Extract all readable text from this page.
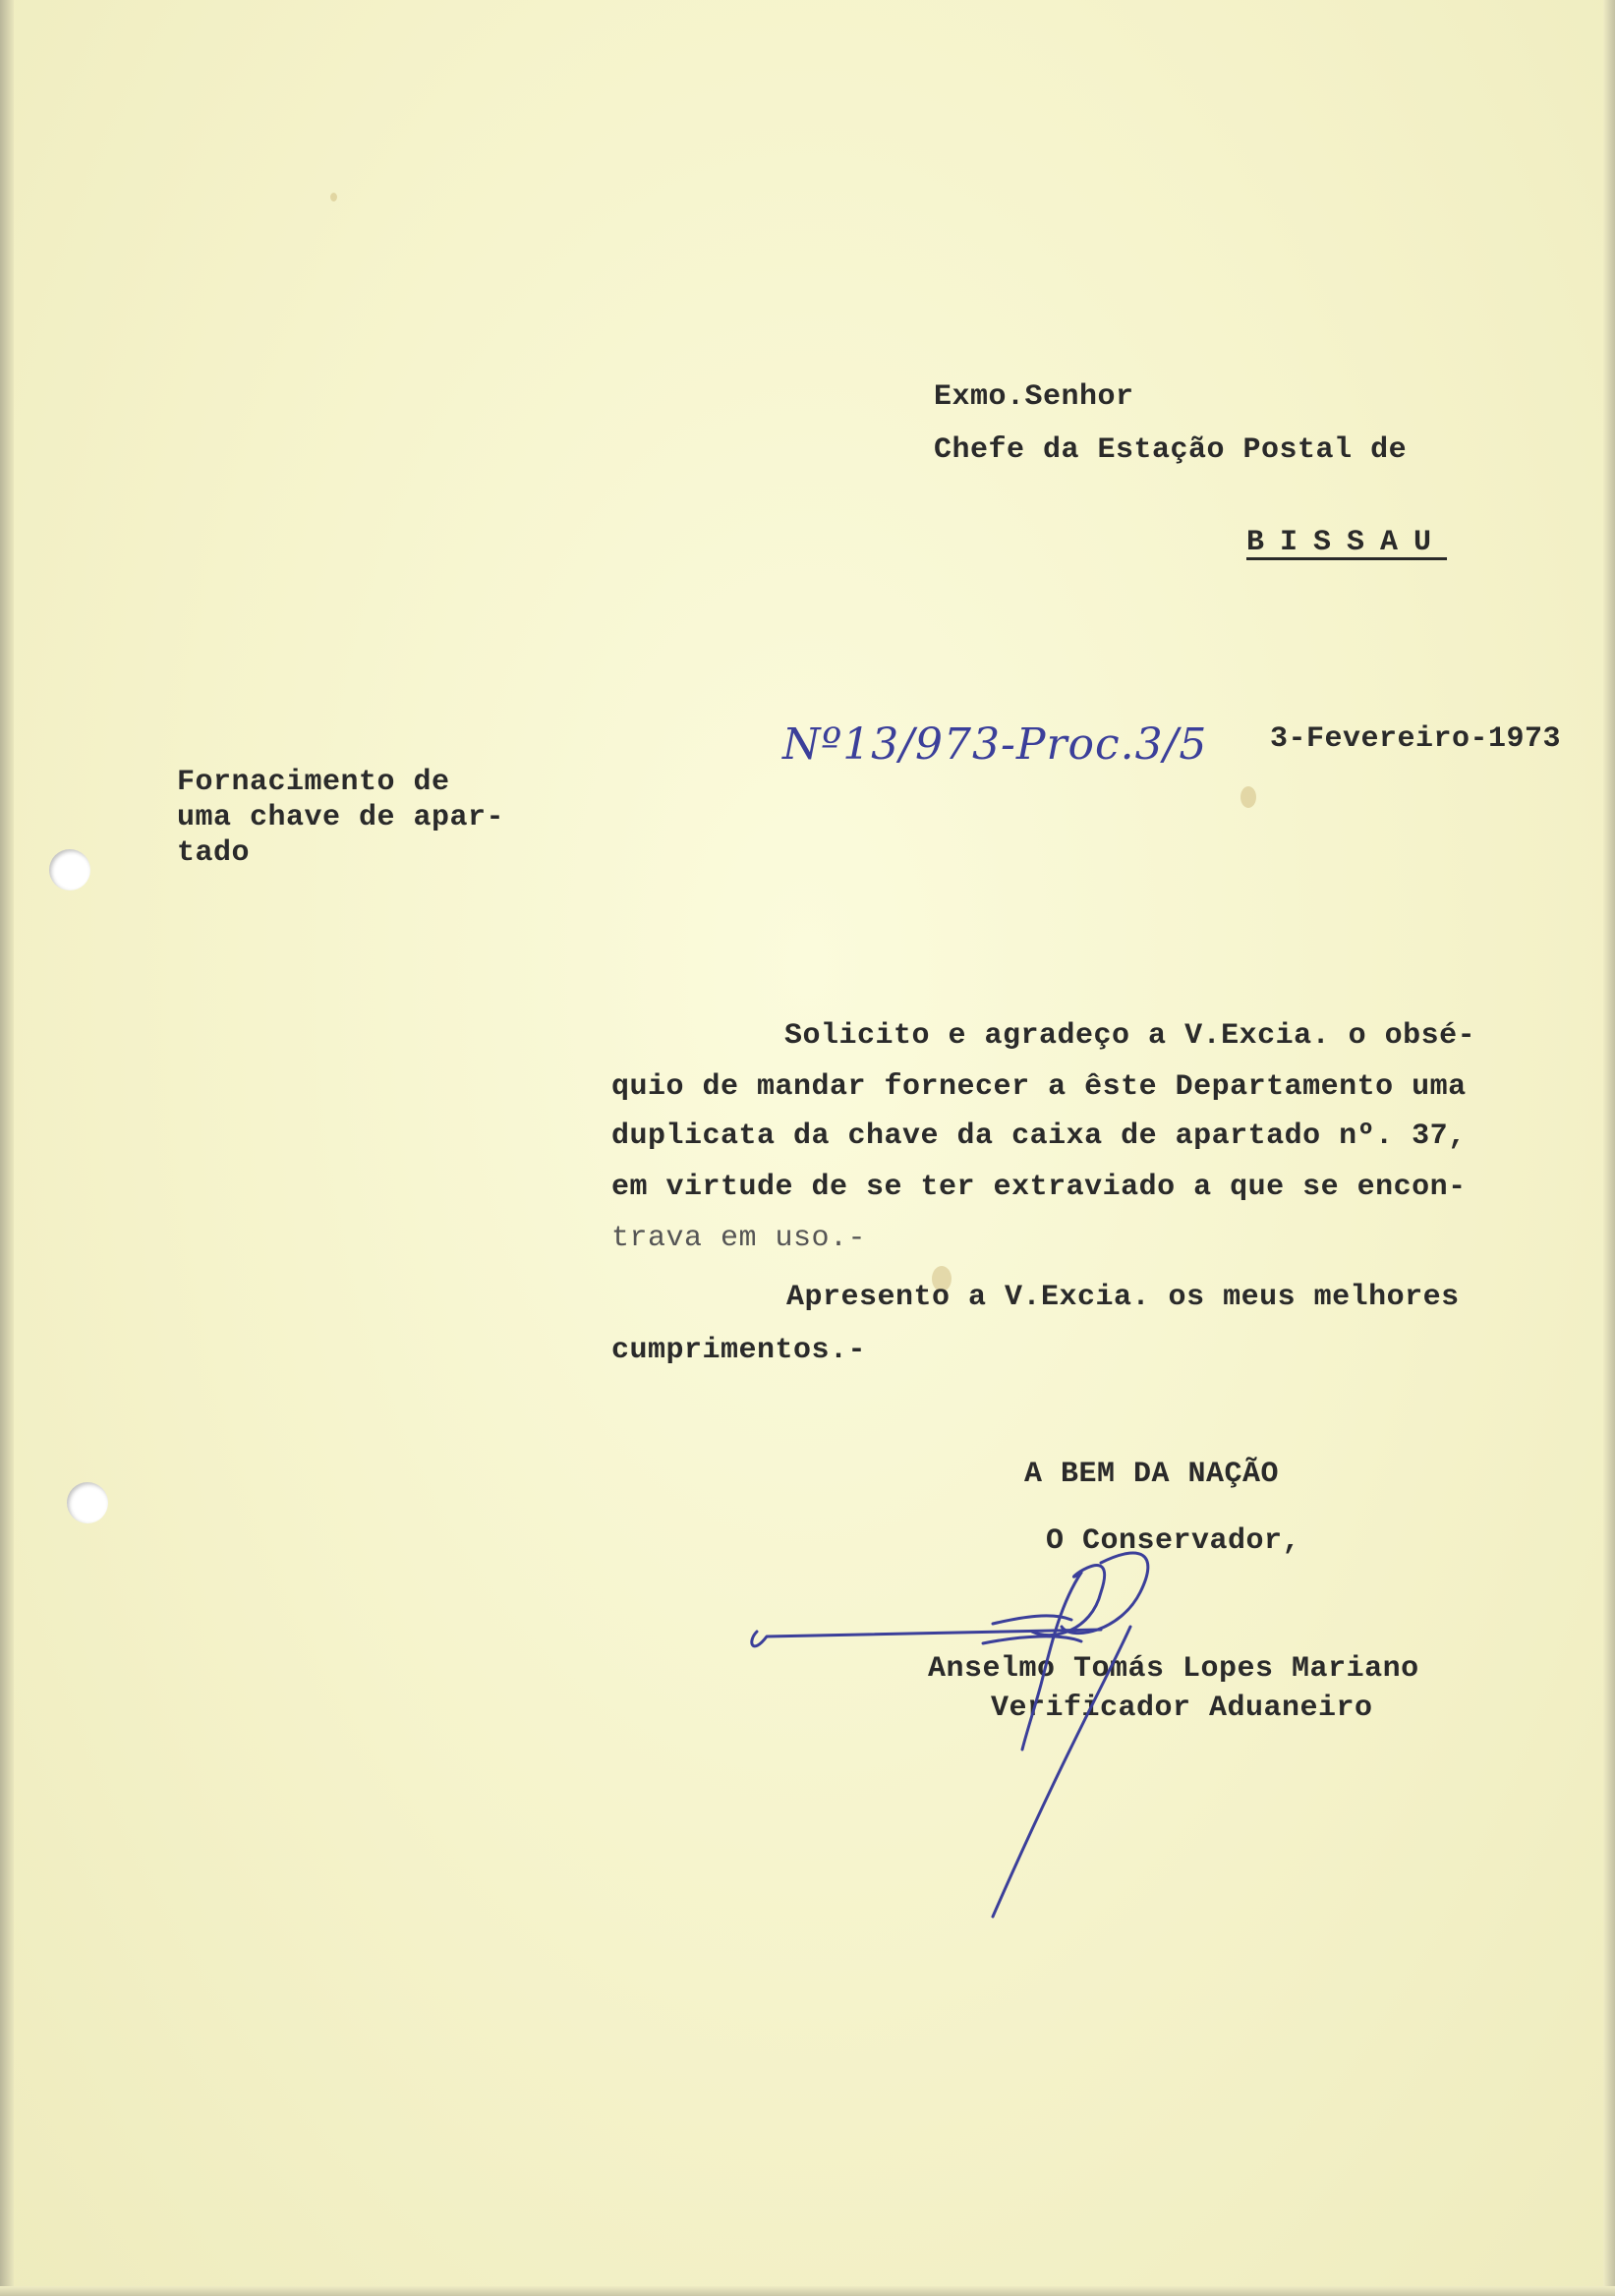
Exmo.Senhor
Chefe da Estação Postal de
BISSAU
Nº13/973-Proc.3/5 3-Fevereiro-1973
Fornacimento de
uma chave de apar-
tado
Solicito e agradeço a V.Excia. o obsé-
quio de mandar fornecer a êste Departamento uma
duplicata da chave da caixa de apartado nº. 37,
em virtude de se ter extraviado a que se encon-
trava em uso.-
Apresento a V.Excia. os meus melhores
cumprimentos.-
A BEM DA NAÇÃO
O Conservador,
Anselmo Tomás Lopes Mariano
Verificador Aduaneiro
